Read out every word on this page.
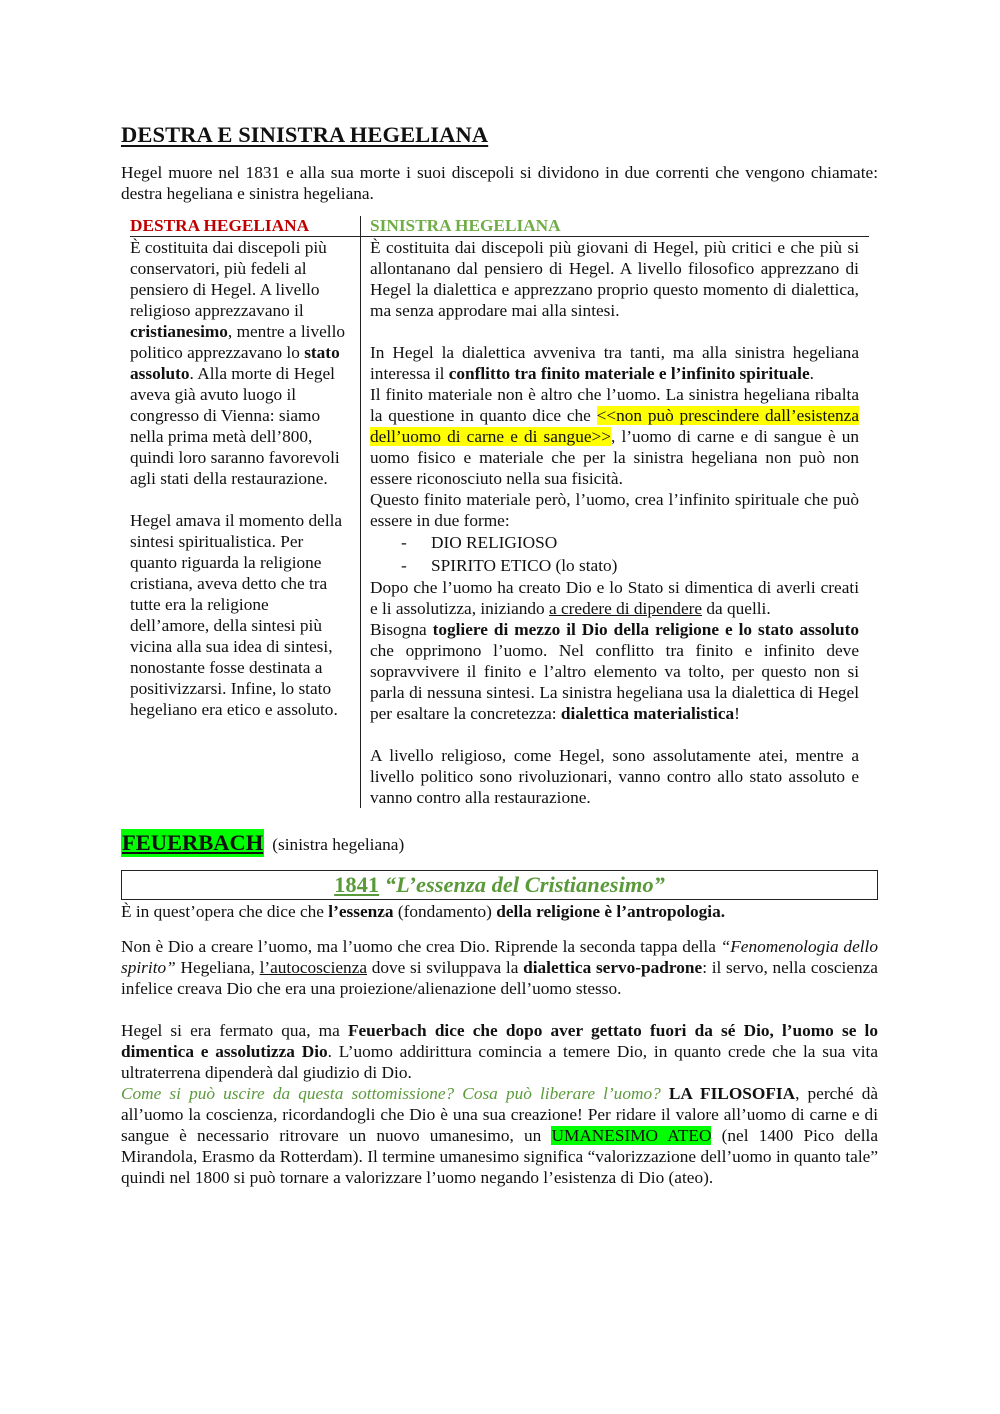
DESTRA E SINISTRA HEGELIANA

Hegel muore nel 1831 e alla sua morte i suoi discepoli si dividono in due correnti che vengono chiamate: destra hegeliana e sinistra hegeliana.

DESTRA HEGELIANA

È costituita dai discepoli più conservatori, più fedeli al pensiero di Hegel. A livello religioso apprezzavano il cristianesimo, mentre a livello politico apprezzavano lo stato assoluto. Alla morte di Hegel aveva già avuto luogo il congresso di Vienna: siamo nella prima metà dell’800, quindi loro saranno favorevoli agli stati della restaurazione.

Hegel amava il momento della sintesi spiritualistica. Per quanto riguarda la religione cristiana, aveva detto che tra tutte era la religione dell’amore, della sintesi più vicina alla sua idea di sintesi, nonostante fosse destinata a positivizzarsi. Infine, lo stato hegeliano era etico e assoluto.

SINISTRA HEGELIANA

È costituita dai discepoli più giovani di Hegel, più critici e che più si allontanano dal pensiero di Hegel. A livello filosofico apprezzano di Hegel la dialettica e apprezzano proprio questo momento di dialettica, ma senza approdare mai alla sintesi.

In Hegel la dialettica avveniva tra tanti, ma alla sinistra hegeliana interessa il conflitto tra finito materiale e l’infinito spirituale.

Il finito materiale non è altro che l’uomo. La sinistra hegeliana ribalta la questione in quanto dice che <<non può prescindere dall’esistenza dell’uomo di carne e di sangue>>, l’uomo di carne e di sangue è un uomo fisico e materiale che per la sinistra hegeliana non può non essere riconosciuto nella sua fisicità.

Questo finito materiale però, l’uomo, crea l’infinito spirituale che può essere in due forme:

- DIO RELIGIOSO
- SPIRITO ETICO (lo stato)

Dopo che l’uomo ha creato Dio e lo Stato si dimentica di averli creati e li assolutizza, iniziando a credere di dipendere da quelli.

Bisogna togliere di mezzo il Dio della religione e lo stato assoluto che opprimono l’uomo. Nel conflitto tra finito e infinito deve sopravvivere il finito e l’altro elemento va tolto, per questo non si parla di nessuna sintesi. La sinistra hegeliana usa la dialettica di Hegel per esaltare la concretezza: dialettica materialistica!

A livello religioso, come Hegel, sono assolutamente atei, mentre a livello politico sono rivoluzionari, vanno contro allo stato assoluto e vanno contro alla restaurazione.

FEUERBACH (sinistra hegeliana)
1841 “L’essenza del Cristianesimo”

È in quest’opera che dice che l’essenza (fondamento) della religione è l’antropologia.

Non è Dio a creare l’uomo, ma l’uomo che crea Dio. Riprende la seconda tappa della “Fenomenologia dello spirito” Hegeliana, l’autocoscienza dove si sviluppava la dialettica servo-padrone: il servo, nella coscienza infelice creava Dio che era una proiezione/alienazione dell’uomo stesso.

Hegel si era fermato qua, ma Feuerbach dice che dopo aver gettato fuori da sé Dio, l’uomo se lo dimentica e assolutizza Dio. L’uomo addirittura comincia a temere Dio, in quanto crede che la sua vita ultraterrena dipenderà dal giudizio di Dio.

Come si può uscire da questa sottomissione? Cosa può liberare l’uomo? LA FILOSOFIA, perché dà all’uomo la coscienza, ricordandogli che Dio è una sua creazione! Per ridare il valore all’uomo di carne e di sangue è necessario ritrovare un nuovo umanesimo, un UMANESIMO ATEO (nel 1400 Pico della Mirandola, Erasmo da Rotterdam). Il termine umanesimo significa “valorizzazione dell’uomo in quanto tale” quindi nel 1800 si può tornare a valorizzare l’uomo negando l’esistenza di Dio (ateo).
